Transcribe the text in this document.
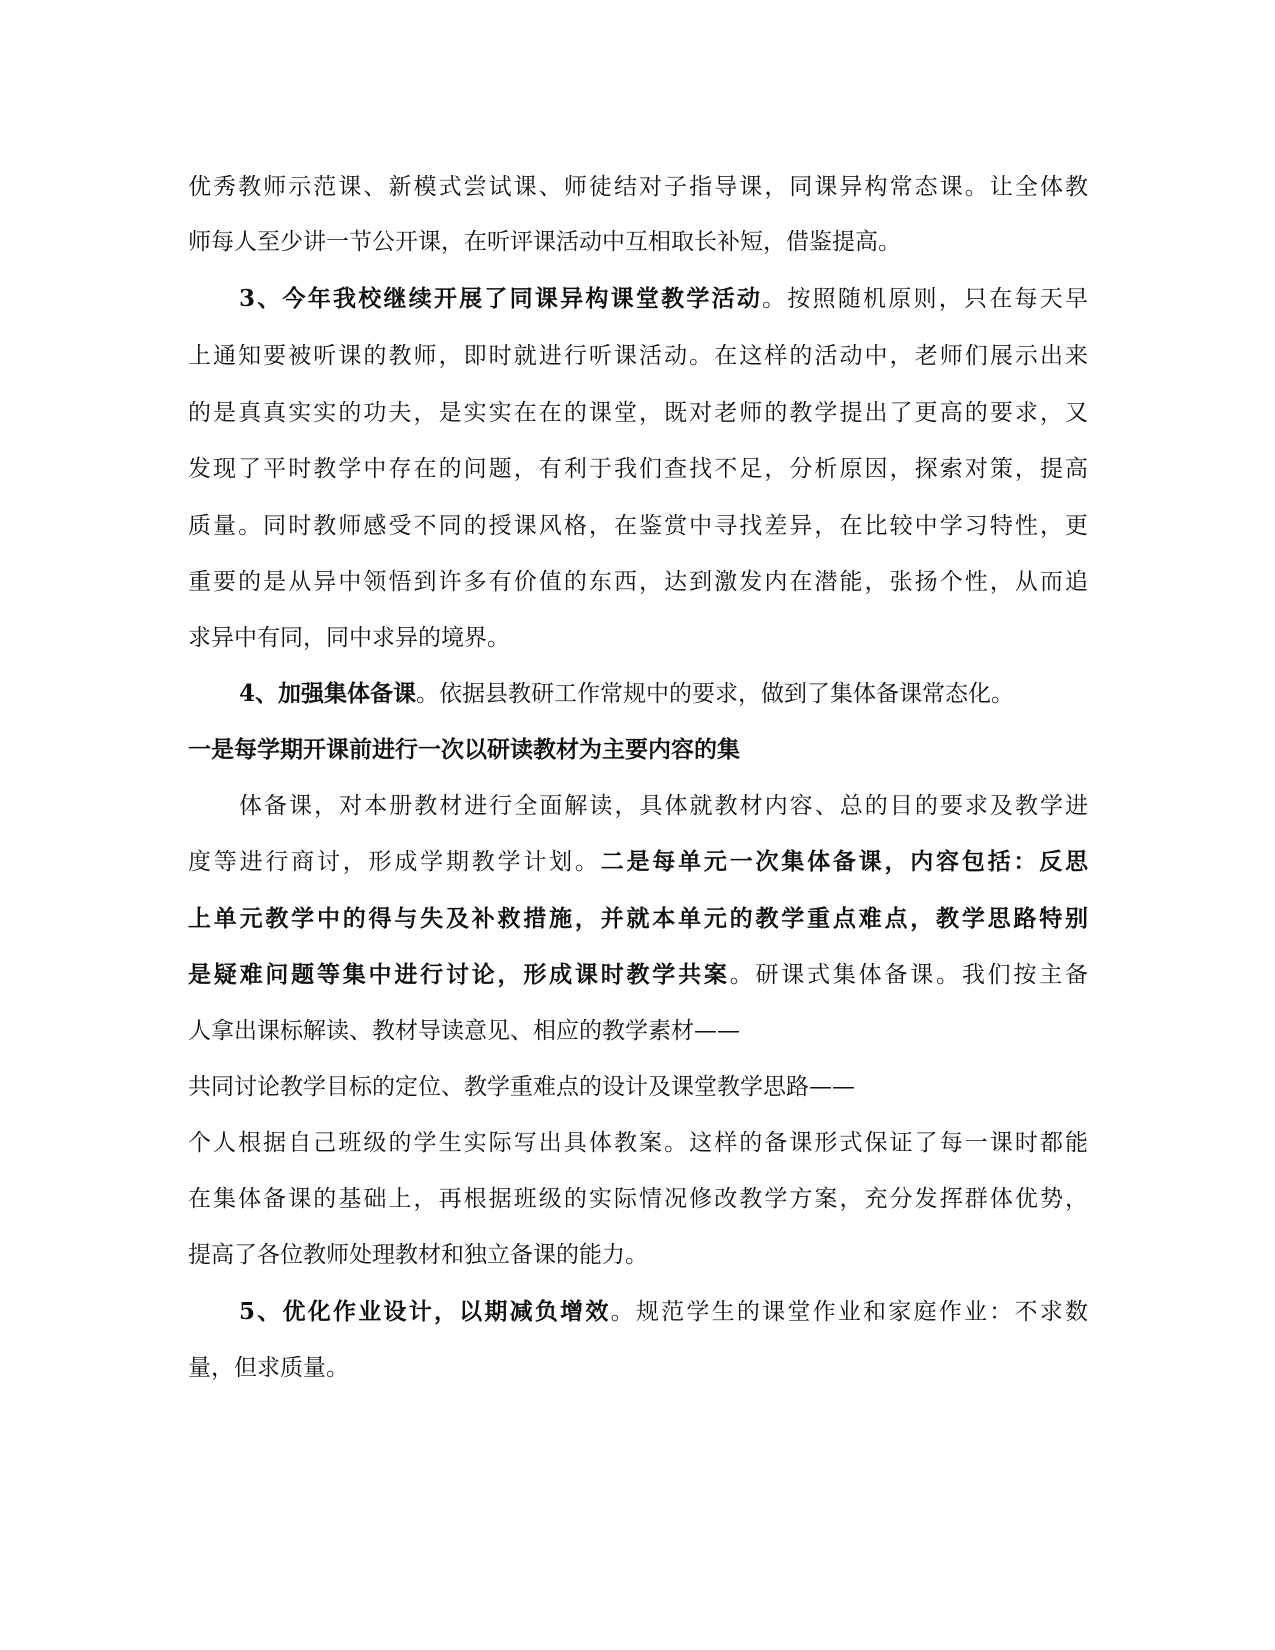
优秀教师示范课、新模式尝试课、师徒结对子指导课，同课异构常态课。让全体教
师每人至少讲一节公开课，在听评课活动中互相取长补短，借鉴提高。
3、今年我校继续开展了同课异构课堂教学活动。按照随机原则，只在每天早
上通知要被听课的教师，即时就进行听课活动。在这样的活动中，老师们展示出来
的是真真实实的功夫，是实实在在的课堂，既对老师的教学提出了更高的要求，又
发现了平时教学中存在的问题，有利于我们查找不足，分析原因，探索对策，提高
质量。同时教师感受不同的授课风格，在鉴赏中寻找差异，在比较中学习特性，更
重要的是从异中领悟到许多有价值的东西，达到激发内在潜能，张扬个性，从而追
求异中有同，同中求异的境界。
4、加强集体备课。依据县教研工作常规中的要求，做到了集体备课常态化。
一是每学期开课前进行一次以研读教材为主要内容的集
体备课，对本册教材进行全面解读，具体就教材内容、总的目的要求及教学进
度等进行商讨，形成学期教学计划。二是每单元一次集体备课，内容包括：反思
上单元教学中的得与失及补救措施，并就本单元的教学重点难点，教学思路特别
是疑难问题等集中进行讨论，形成课时教学共案。研课式集体备课。我们按主备
人拿出课标解读、教材导读意见、相应的教学素材——
共同讨论教学目标的定位、教学重难点的设计及课堂教学思路——
个人根据自己班级的学生实际写出具体教案。这样的备课形式保证了每一课时都能
在集体备课的基础上，再根据班级的实际情况修改教学方案，充分发挥群体优势，
提高了各位教师处理教材和独立备课的能力。
5、优化作业设计，以期减负增效。规范学生的课堂作业和家庭作业：不求数
量，但求质量。
